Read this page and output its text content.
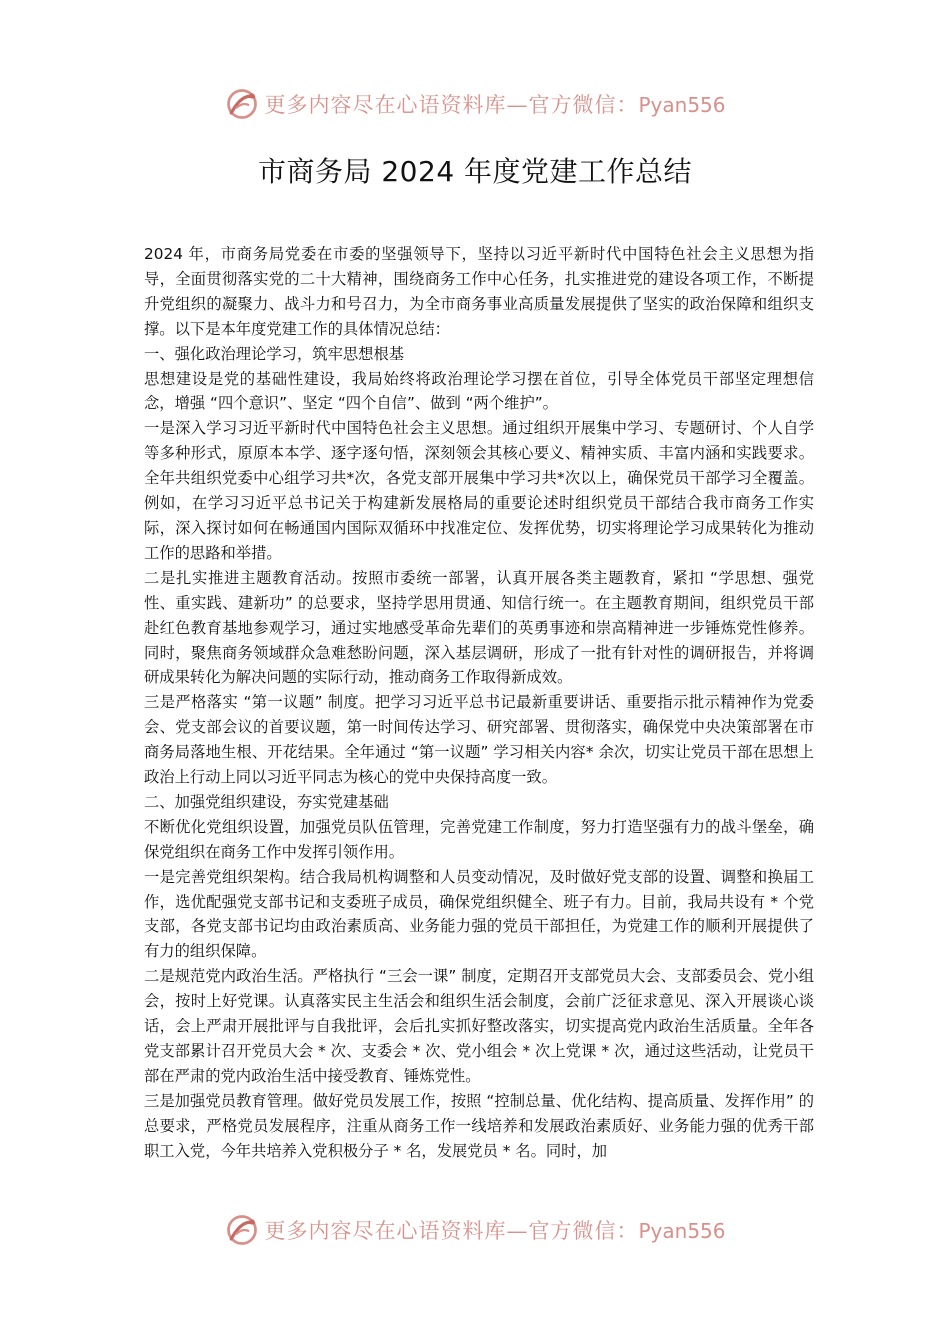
更多内容尽在心语资料库—官方微信：Pyan556
市商务局 2024 年度党建工作总结

2024 年，市商务局党委在市委的坚强领导下，坚持以习近平新时代中国特色社会主义思想为指导，全面贯彻落实党的二十大精神，围绕商务工作中心任务，扎实推进党的建设各项工作，不断提升党组织的凝聚力、战斗力和号召力，为全市商务事业高质量发展提供了坚实的政治保障和组织支撑。以下是本年度党建工作的具体情况总结：

一、强化政治理论学习，筑牢思想根基

思想建设是党的基础性建设，我局始终将政治理论学习摆在首位，引导全体党员干部坚定理想信念，增强 “四个意识”、坚定 “四个自信”、做到 “两个维护”。

一是深入学习习近平新时代中国特色社会主义思想。通过组织开展集中学习、专题研讨、个人自学等多种形式，原原本本学、逐字逐句悟，深刻领会其核心要义、精神实质、丰富内涵和实践要求。全年共组织党委中心组学习共*次，各党支部开展集中学习共*次以上，确保党员干部学习全覆盖。例如，在学习习近平总书记关于构建新发展格局的重要论述时组织党员干部结合我市商务工作实际，深入探讨如何在畅通国内国际双循环中找准定位、发挥优势，切实将理论学习成果转化为推动工作的思路和举措。

二是扎实推进主题教育活动。按照市委统一部署，认真开展各类主题教育，紧扣 “学思想、强党性、重实践、建新功” 的总要求，坚持学思用贯通、知信行统一。在主题教育期间，组织党员干部赴红色教育基地参观学习，通过实地感受革命先辈们的英勇事迹和崇高精神进一步锤炼党性修养。同时，聚焦商务领域群众急难愁盼问题，深入基层调研，形成了一批有针对性的调研报告，并将调研成果转化为解决问题的实际行动，推动商务工作取得新成效。

三是严格落实 “第一议题” 制度。把学习习近平总书记最新重要讲话、重要指示批示精神作为党委会、党支部会议的首要议题，第一时间传达学习、研究部署、贯彻落实，确保党中央决策部署在市商务局落地生根、开花结果。全年通过 “第一议题” 学习相关内容* 余次，切实让党员干部在思想上政治上行动上同以习近平同志为核心的党中央保持高度一致。

二、加强党组织建设，夯实党建基础

不断优化党组织设置，加强党员队伍管理，完善党建工作制度，努力打造坚强有力的战斗堡垒，确保党组织在商务工作中发挥引领作用。

一是完善党组织架构。结合我局机构调整和人员变动情况，及时做好党支部的设置、调整和换届工作，选优配强党支部书记和支委班子成员，确保党组织健全、班子有力。目前，我局共设有 * 个党支部，各党支部书记均由政治素质高、业务能力强的党员干部担任，为党建工作的顺利开展提供了有力的组织保障。

二是规范党内政治生活。严格执行 “三会一课” 制度，定期召开支部党员大会、支部委员会、党小组会，按时上好党课。认真落实民主生活会和组织生活会制度，会前广泛征求意见、深入开展谈心谈话，会上严肃开展批评与自我批评，会后扎实抓好整改落实，切实提高党内政治生活质量。全年各党支部累计召开党员大会 * 次、支委会 * 次、党小组会 * 次上党课 * 次，通过这些活动，让党员干部在严肃的党内政治生活中接受教育、锤炼党性。

三是加强党员教育管理。做好党员发展工作，按照 “控制总量、优化结构、提高质量、发挥作用” 的总要求，严格党员发展程序，注重从商务工作一线培养和发展政治素质好、业务能力强的优秀干部职工入党，今年共培养入党积极分子 * 名，发展党员 * 名。同时，加

更多内容尽在心语资料库—官方微信：Pyan556
